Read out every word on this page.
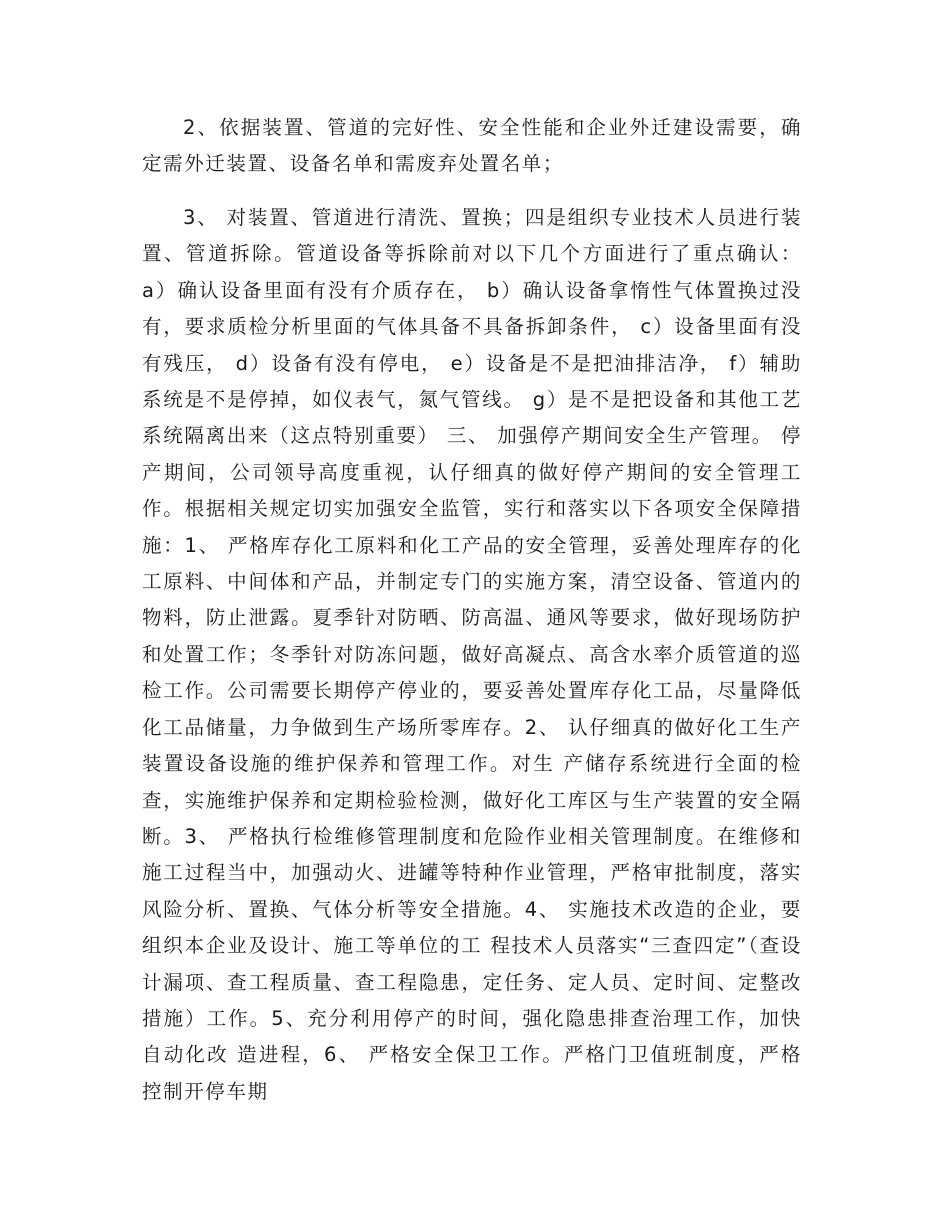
2、依据装置、管道的完好性、安全性能和企业外迁建设需要，确定需外迁装置、设备名单和需废弃处置名单；

3、 对装置、管道进行清洗、置换；四是组织专业技术人员进行装 置、管道拆除。管道设备等拆除前对以下几个方面进行了重点确认： a）确认设备里面有没有介质存在， b）确认设备拿惰性气体置换过没有，要求质检分析里面的气体具备不具备拆卸条件， c）设备里面有没有残压， d）设备有没有停电， e）设备是不是把油排洁净， f）辅助系统是不是停掉，如仪表气，氮气管线。 g）是不是把设备和其他工艺系统隔离出来（这点特别重要） 三、 加强停产期间安全生产管理。 停产期间，公司领导高度重视，认仔细真的做好停产期间的安全管理工作。根据相关规定切实加强安全监管，实行和落实以下各项安全保障措施：1、 严格库存化工原料和化工产品的安全管理，妥善处理库存的化 工原料、中间体和产品，并制定专门的实施方案，清空设备、管道内的物料，防止泄露。夏季针对防晒、防高温、通风等要求，做好现场防护和处置工作；冬季针对防冻问题，做好高凝点、高含水率介质管道的巡检工作。公司需要长期停产停业的，要妥善处置库存化工品，尽量降低化工品储量，力争做到生产场所零库存。2、 认仔细真的做好化工生产装置设备设施的维护保养和管理工作。对生 产储存系统进行全面的检查，实施维护保养和定期检验检测，做好化工库区与生产装置的安全隔断。3、 严格执行检维修管理制度和危险作业相关管理制度。在维修和 施工过程当中，加强动火、进罐等特种作业管理，严格审批制度，落实风险分析、置换、气体分析等安全措施。4、 实施技术改造的企业，要组织本企业及设计、施工等单位的工 程技术人员落实“三查四定”（查设计漏项、查工程质量、查工程隐患，定任务、定人员、定时间、定整改措施）工作。5、充分利用停产的时间，强化隐患排查治理工作，加快自动化改 造进程，6、 严格安全保卫工作。严格门卫值班制度，严格控制开停车期
